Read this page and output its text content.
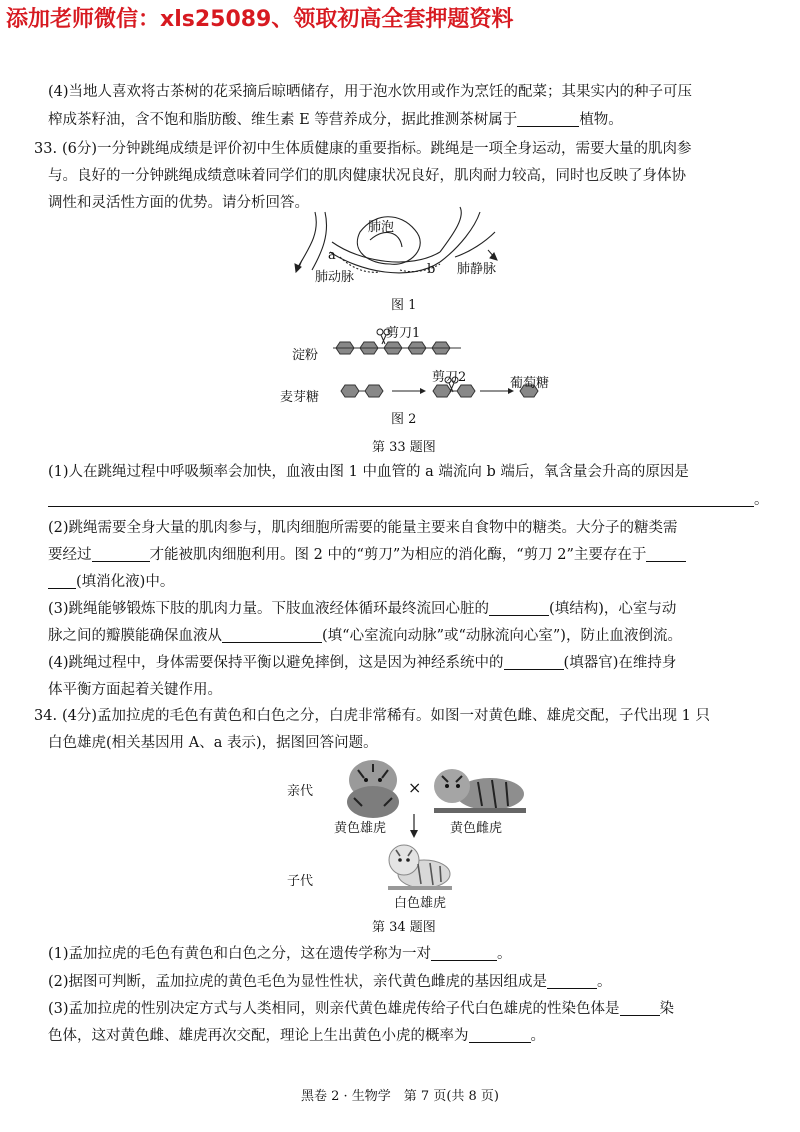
添加老师微信：xls25089、领取初高全套押题资料
(4)当地人喜欢将古茶树的花采摘后晾晒储存，用于泡水饮用或作为烹饪的配菜；其果实内的种子可压
榨成茶籽油，含不饱和脂肪酸、维生素 E 等营养成分，据此推测茶树属于	植物。
33. (6分)一分钟跳绳成绩是评价初中生体质健康的重要指标。跳绳是一项全身运动，需要大量的肌肉参
与。良好的一分钟跳绳成绩意味着同学们的肌肉健康状况良好，肌肉耐力较高，同时也反映了身体协
调性和灵活性方面的优势。请分析回答。
肺泡
a
b
肺动脉
肺静脉
图 1
剪刀1
淀粉
剪刀2
麦芽糖
葡萄糖
图 2
第 33 题图
(1)人在跳绳过程中呼吸频率会加快，血液由图 1 中血管的 a 端流向 b 端后，氧含量会升高的原因是
。
(2)跳绳需要全身大量的肌肉参与，肌肉细胞所需要的能量主要来自食物中的糖类。大分子的糖类需
要经过	才能被肌肉细胞利用。图 2 中的“剪刀”为相应的消化酶，“剪刀 2”主要存在于
(填消化液)中。
(3)跳绳能够锻炼下肢的肌肉力量。下肢血液经体循环最终流回心脏的	(填结构)，心室与动
脉之间的瓣膜能确保血液从	(填“心室流向动脉”或“动脉流向心室”)，防止血液倒流。
(4)跳绳过程中，身体需要保持平衡以避免摔倒，这是因为神经系统中的	(填器官)在维持身
体平衡方面起着关键作用。
34. (4分)孟加拉虎的毛色有黄色和白色之分，白虎非常稀有。如图一对黄色雌、雄虎交配，子代出现 1 只
白色雄虎(相关基因用 A、a 表示)，据图回答问题。
亲代	×
黄色雄虎	黄色雌虎
子代
白色雄虎
第 34 题图
(1)孟加拉虎的毛色有黄色和白色之分，这在遗传学称为一对	。
(2)据图可判断，孟加拉虎的黄色毛色为显性性状，亲代黄色雌虎的基因组成是	。
(3)孟加拉虎的性别决定方式与人类相同，则亲代黄色雄虎传给子代白色雄虎的性染色体是	染
色体，这对黄色雌、雄虎再次交配，理论上生出黄色小虎的概率为	。
黑卷 2 · 生物学　第 7 页(共 8 页)
